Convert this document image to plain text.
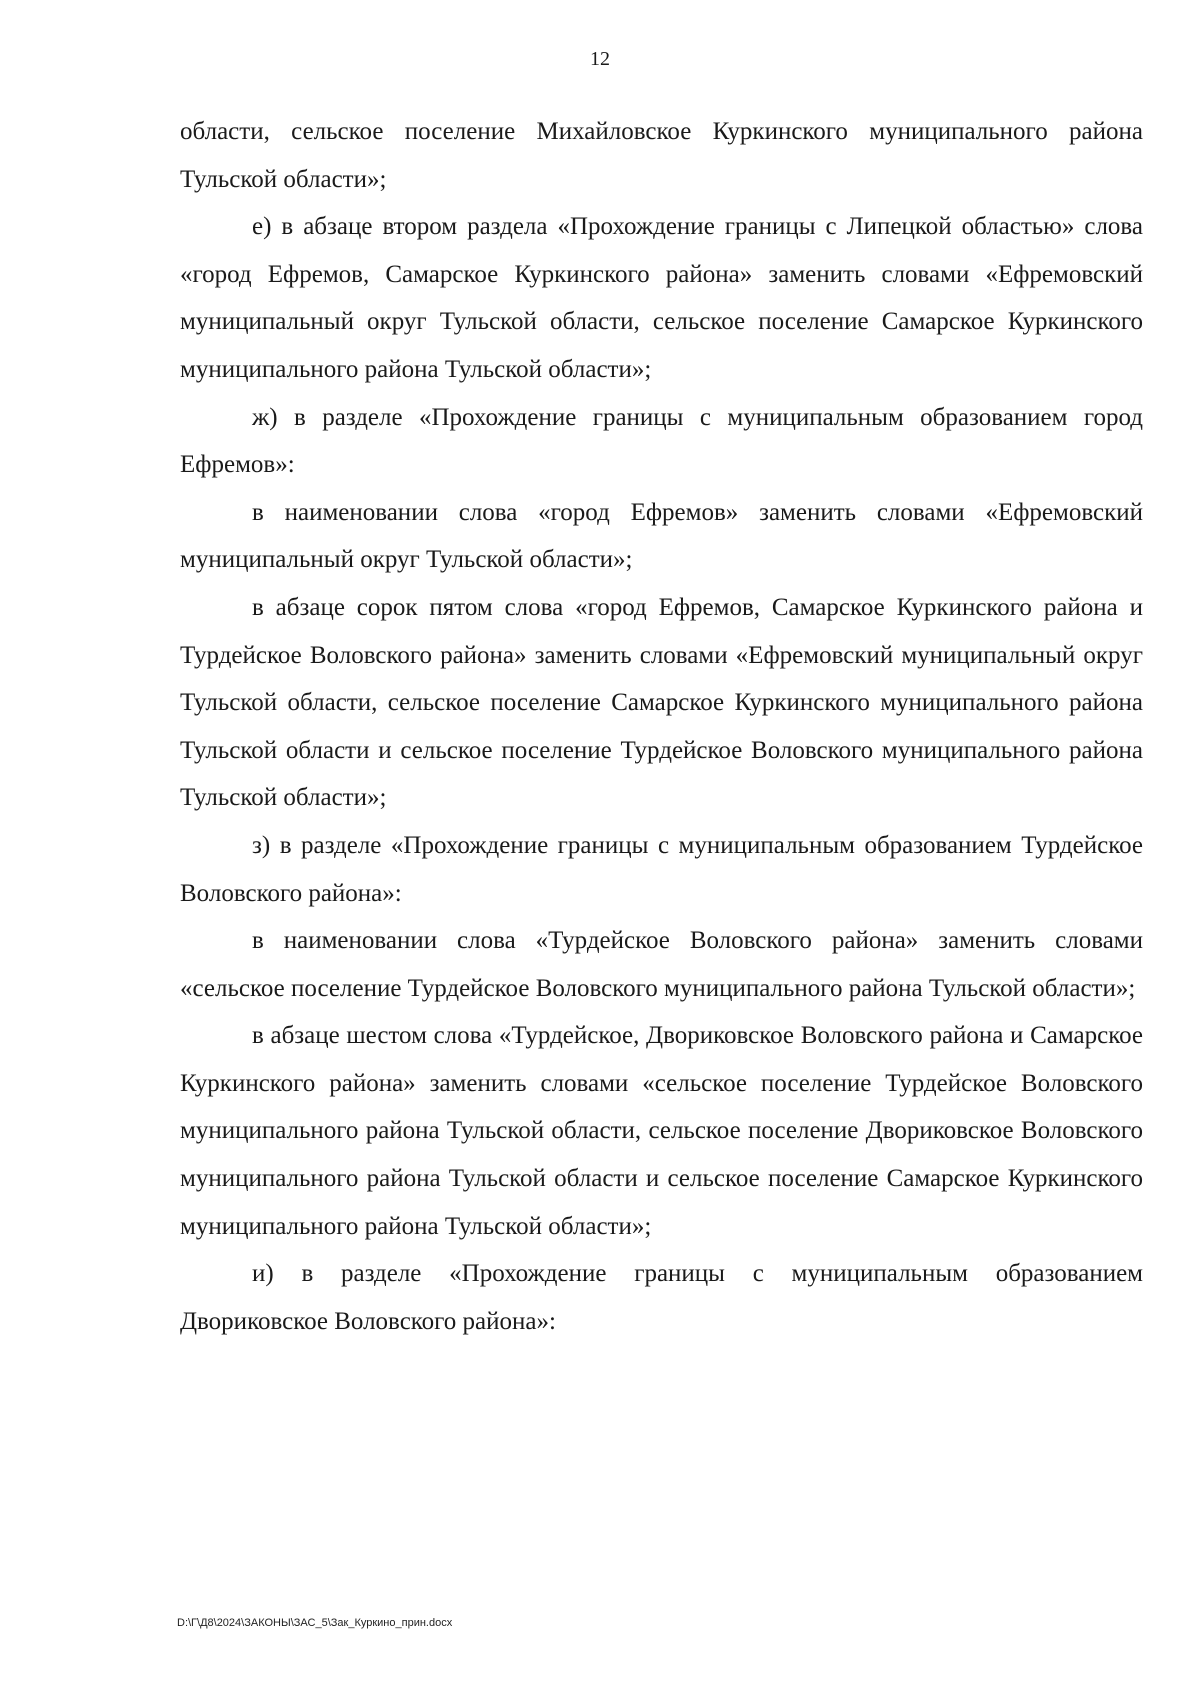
12

области, сельское поселение Михайловское Куркинского муниципального района Тульской области»;

е) в абзаце втором раздела «Прохождение границы с Липецкой областью» слова «город Ефремов, Самарское Куркинского района» заменить словами «Ефремовский муниципальный округ Тульской области, сельское поселение Самарское Куркинского муниципального района Тульской области»;

ж) в разделе «Прохождение границы с муниципальным образованием город Ефремов»:

в наименовании слова «город Ефремов» заменить словами «Ефремовский муниципальный округ Тульской области»;

в абзаце сорок пятом слова «город Ефремов, Самарское Куркинского района и Турдейское Воловского района» заменить словами «Ефремовский муниципальный округ Тульской области, сельское поселение Самарское Куркинского муниципального района Тульской области и сельское поселение Турдейское Воловского муниципального района Тульской области»;

з) в разделе «Прохождение границы с муниципальным образованием Турдейское Воловского района»:

в наименовании слова «Турдейское Воловского района» заменить словами «сельское поселение Турдейское Воловского муниципального района Тульской области»;

в абзаце шестом слова «Турдейское, Двориковское Воловского района и Самарское Куркинского района» заменить словами «сельское поселение Турдейское Воловского муниципального района Тульской области, сельское поселение Двориковское Воловского муниципального района Тульской области и сельское поселение Самарское Куркинского муниципального района Тульской области»;

и) в разделе «Прохождение границы с муниципальным образованием Двориковское Воловского района»:

D:\Г\Д8\2024\ЗАКОНЫ\ЗАС_5\Зак_Куркино_прин.docx
